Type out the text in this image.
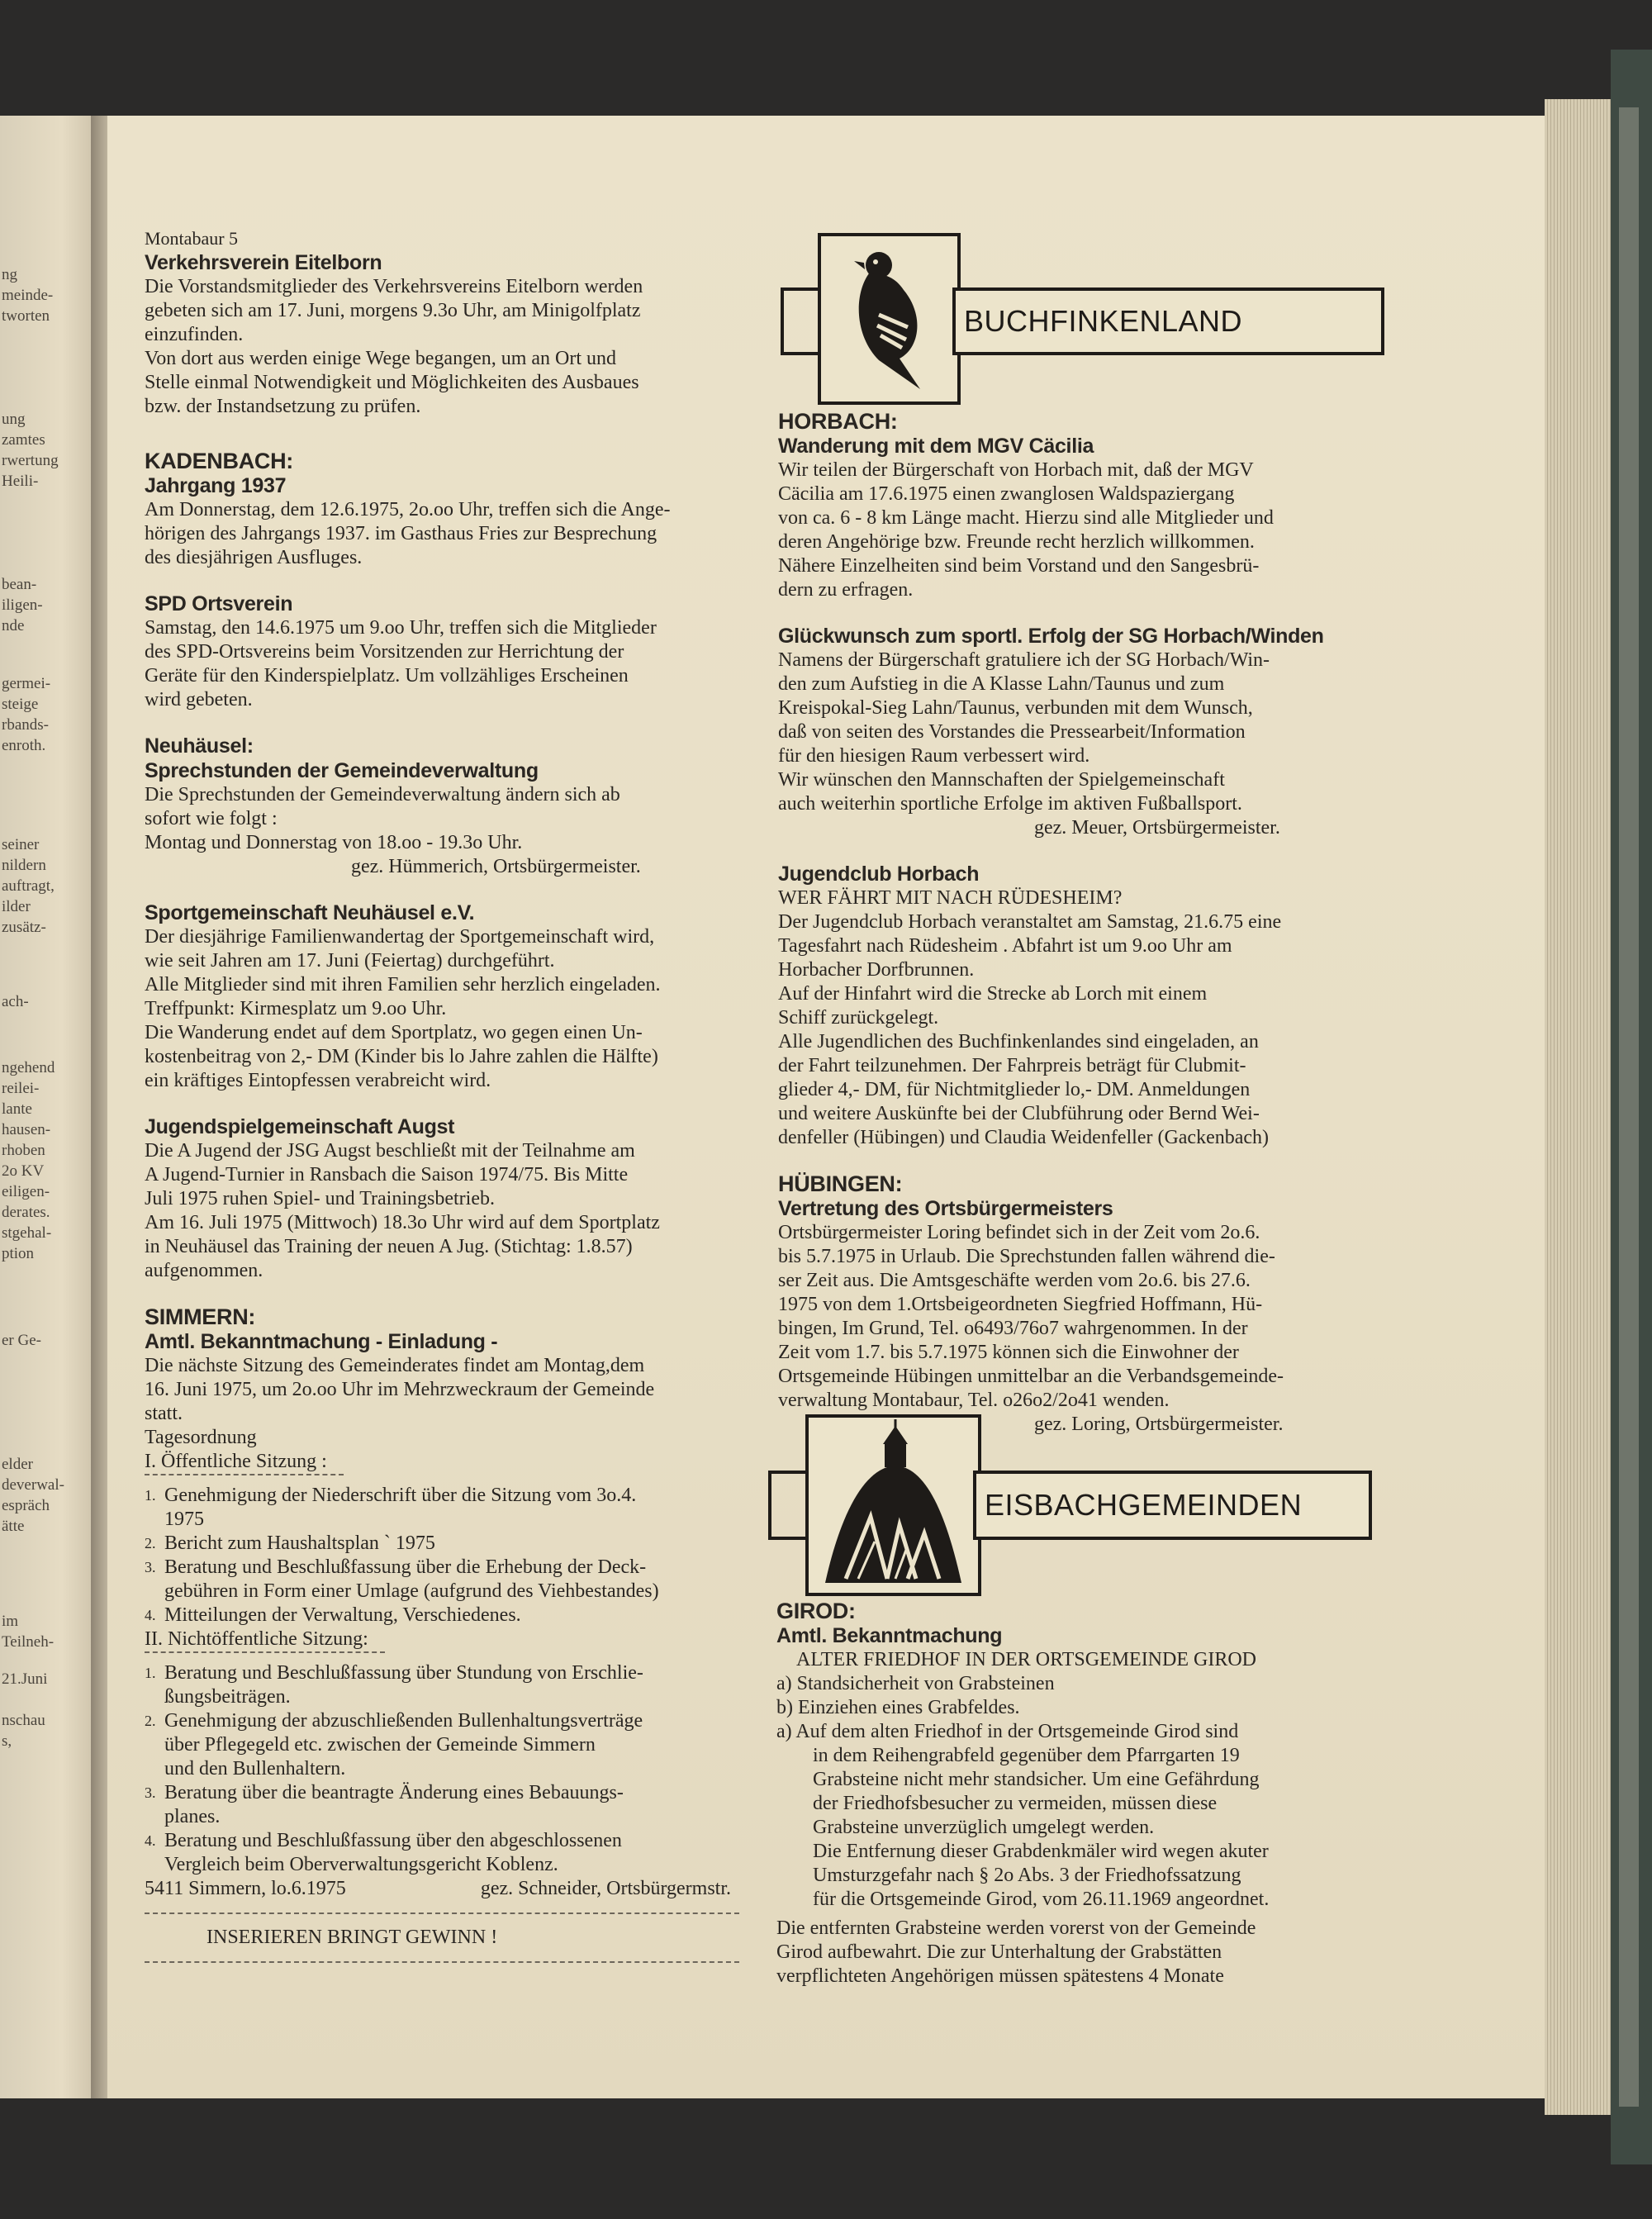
ng
meinde-
tworten
ung
zamtes
rwertung
Heili-
bean-
iligen-
nde
germei-
steige
rbands-
enroth.
seiner
nildern
auftragt,
ilder
zusätz-
ach-
ngehend
reilei-
lante
hausen-
rhoben
2o KV
eiligen-
derates.
stgehal-
ption
er Ge-
elder
deverwal-
espräch
ätte
im
Teilneh-
21.Juni
nschau
s,

Montabaur 5

Verkehrsverein Eitelborn

Die Vorstandsmitglieder des Verkehrsvereins Eitelborn werden

gebeten sich am 17. Juni, morgens 9.3o Uhr, am Minigolfplatz

einzufinden.

Von dort aus werden einige Wege begangen, um an Ort und

Stelle einmal Notwendigkeit und Möglichkeiten des Ausbaues

bzw. der Instandsetzung zu prüfen.

KADENBACH:

Jahrgang 1937

Am Donnerstag, dem 12.6.1975, 2o.oo Uhr, treffen sich die Ange-

hörigen des Jahrgangs 1937. im Gasthaus Fries zur Besprechung

des diesjährigen Ausfluges.

SPD Ortsverein

Samstag, den 14.6.1975 um 9.oo Uhr, treffen sich die Mitglieder

des SPD-Ortsvereins beim Vorsitzenden zur Herrichtung der

Geräte für den Kinderspielplatz. Um vollzähliges Erscheinen

wird gebeten.

Neuhäusel:

Sprechstunden der Gemeindeverwaltung

Die Sprechstunden der Gemeindeverwaltung ändern sich ab

sofort wie folgt :

Montag und Donnerstag von 18.oo - 19.3o Uhr.

gez. Hümmerich, Ortsbürgermeister.

Sportgemeinschaft Neuhäusel e.V.

Der diesjährige Familienwandertag der Sportgemeinschaft wird,

wie seit Jahren am 17. Juni (Feiertag) durchgeführt.

Alle Mitglieder sind mit ihren Familien sehr herzlich eingeladen.

Treffpunkt: Kirmesplatz um 9.oo Uhr.

Die Wanderung endet auf dem Sportplatz, wo gegen einen Un-

kostenbeitrag von 2,- DM (Kinder bis lo Jahre zahlen die Hälfte)

ein kräftiges Eintopfessen verabreicht wird.

Jugendspielgemeinschaft Augst

Die A Jugend der JSG Augst beschließt mit der Teilnahme am

A Jugend-Turnier in Ransbach die Saison 1974/75. Bis Mitte

Juli 1975 ruhen Spiel- und Trainingsbetrieb.

Am 16. Juli 1975 (Mittwoch) 18.3o Uhr wird auf dem Sportplatz

in Neuhäusel das Training der neuen A Jug. (Stichtag: 1.8.57)

aufgenommen.

SIMMERN:

Amtl. Bekanntmachung - Einladung -

Die nächste Sitzung des Gemeinderates findet am Montag,dem

16. Juni 1975, um 2o.oo Uhr im Mehrzweckraum der Gemeinde

statt.

Tagesordnung

I. Öffentliche Sitzung :

1. Genehmigung der Niederschrift über die Sitzung vom 3o.4.
1975
2. Bericht zum Haushaltsplan ` 1975
3. Beratung und Beschlußfassung über die Erhebung der Deck-
gebühren in Form einer Umlage (aufgrund des Viehbestandes)
4. Mitteilungen der Verwaltung, Verschiedenes.

II. Nichtöffentliche Sitzung:

1. Beratung und Beschlußfassung über Stundung von Erschlie-
ßungsbeiträgen.
2. Genehmigung der abzuschließenden Bullenhaltungsverträge
über Pflegegeld etc. zwischen der Gemeinde Simmern
und den Bullenhaltern.
3. Beratung über die beantragte Änderung eines Bebauungs-
planes.
4. Beratung und Beschlußfassung über den abgeschlossenen
Vergleich beim Oberverwaltungsgericht Koblenz.

5411 Simmern, lo.6.1975	gez. Schneider, Ortsbürgermstr.

INSERIEREN BRINGT GEWINN !

BUCHFINKENLAND

HORBACH:

Wanderung mit dem MGV Cäcilia

Wir teilen der Bürgerschaft von Horbach mit, daß der MGV

Cäcilia am 17.6.1975 einen zwanglosen Waldspaziergang

von ca. 6 - 8 km Länge macht. Hierzu sind alle Mitglieder und

deren Angehörige bzw. Freunde recht herzlich willkommen.

Nähere Einzelheiten sind beim Vorstand und den Sangesbrü-

dern zu erfragen.

Glückwunsch zum sportl. Erfolg der SG Horbach/Winden

Namens der Bürgerschaft gratuliere ich der SG Horbach/Win-

den zum Aufstieg in die A Klasse Lahn/Taunus und zum

Kreispokal-Sieg Lahn/Taunus, verbunden mit dem Wunsch,

daß von seiten des Vorstandes die Pressearbeit/Information

für den hiesigen Raum verbessert wird.

Wir wünschen den Mannschaften der Spielgemeinschaft

auch weiterhin sportliche Erfolge im aktiven Fußballsport.

gez. Meuer, Ortsbürgermeister.

Jugendclub Horbach

WER FÄHRT MIT NACH RÜDESHEIM?

Der Jugendclub Horbach veranstaltet am Samstag, 21.6.75 eine

Tagesfahrt nach Rüdesheim . Abfahrt ist um 9.oo Uhr am

Horbacher Dorfbrunnen.

Auf der Hinfahrt wird die Strecke ab Lorch mit einem

Schiff zurückgelegt.

Alle Jugendlichen des Buchfinkenlandes sind eingeladen, an

der Fahrt teilzunehmen. Der Fahrpreis beträgt für Clubmit-

glieder 4,- DM, für Nichtmitglieder lo,- DM. Anmeldungen

und weitere Auskünfte bei der Clubführung oder Bernd Wei-

denfeller (Hübingen) und Claudia Weidenfeller (Gackenbach)

HÜBINGEN:

Vertretung des Ortsbürgermeisters

Ortsbürgermeister Loring befindet sich in der Zeit vom 2o.6.

bis 5.7.1975 in Urlaub. Die Sprechstunden fallen während die-

ser Zeit aus. Die Amtsgeschäfte werden vom 2o.6. bis 27.6.

1975 von dem 1.Ortsbeigeordneten Siegfried Hoffmann, Hü-

bingen, Im Grund, Tel. o6493/76o7 wahrgenommen. In der

Zeit vom 1.7. bis 5.7.1975 können sich die Einwohner der

Ortsgemeinde Hübingen unmittelbar an die Verbandsgemeinde-

verwaltung Montabaur, Tel. o26o2/2o41 wenden.

gez. Loring, Ortsbürgermeister.

EISBACHGEMEINDEN

GIROD:

Amtl. Bekanntmachung

ALTER FRIEDHOF IN DER ORTSGEMEINDE GIROD

a) Standsicherheit von Grabsteinen

b) Einziehen eines Grabfeldes.

a) Auf dem alten Friedhof in der Ortsgemeinde Girod sind

in dem Reihengrabfeld gegenüber dem Pfarrgarten 19

Grabsteine nicht mehr standsicher. Um eine Gefährdung

der Friedhofsbesucher zu vermeiden, müssen diese

Grabsteine unverzüglich umgelegt werden.

Die Entfernung dieser Grabdenkmäler wird wegen akuter

Umsturzgefahr nach § 2o Abs. 3 der Friedhofssatzung

für die Ortsgemeinde Girod, vom 26.11.1969 angeordnet.

Die entfernten Grabsteine werden vorerst von der Gemeinde

Girod aufbewahrt. Die zur Unterhaltung der Grabstätten

verpflichteten Angehörigen müssen spätestens 4 Monate
